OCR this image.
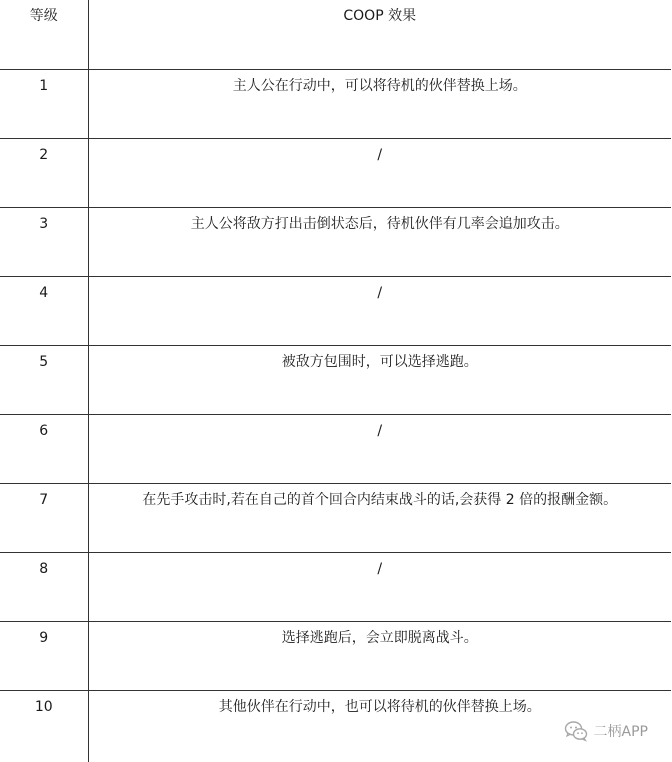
等级	COOP 效果
1	主人公在行动中，可以将待机的伙伴替换上场。
2	/
3	主人公将敌方打出击倒状态后，待机伙伴有几率会追加攻击。
4	/
5	被敌方包围时，可以选择逃跑。
6	/
7	在先手攻击时,若在自己的首个回合内结束战斗的话,会获得 2 倍的报酬金额。
8	/
9	选择逃跑后，会立即脱离战斗。
10	其他伙伴在行动中，也可以将待机的伙伴替换上场。
二柄APP
